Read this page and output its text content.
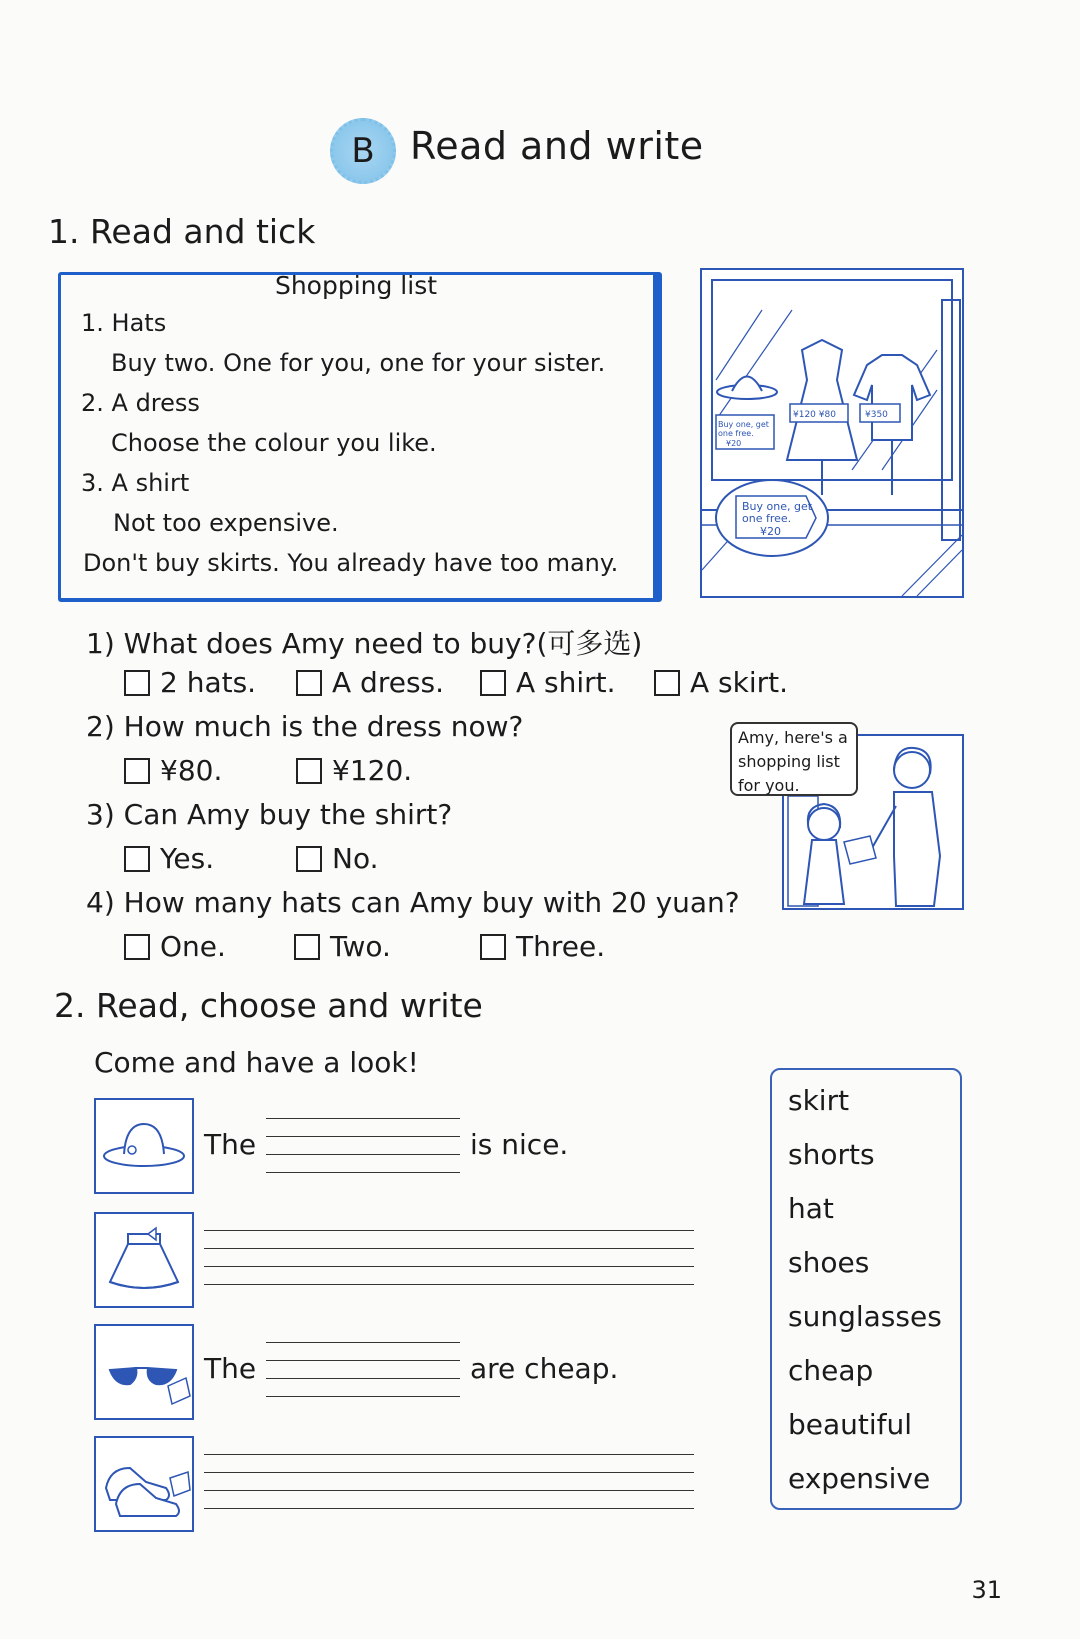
B Read and write
1. Read and tick
Shopping list
1. Hats
Buy two. One for you, one for your sister.
2. A dress
Choose the colour you like.
3. A shirt
Not too expensive.
Don't buy skirts. You already have too many.
Buy one, get
one free.
¥20
¥120 ¥80	¥350
Buy one, get
one free.
¥20
1) What does Amy need to buy?(可多选)
2 hats.	A dress.	A shirt.	A skirt.
2) How much is the dress now?
¥80.	¥120.
3) Can Amy buy the shirt?
Yes.	No.
4) How many hats can Amy buy with 20 yuan?
One.	Two.	Three.
Amy, here's a
shopping list
for you.
2. Read, choose and write
Come and have a look!
The	is nice.
The	are cheap.
skirt
shorts
hat
shoes
sunglasses
cheap
beautiful
expensive
31
